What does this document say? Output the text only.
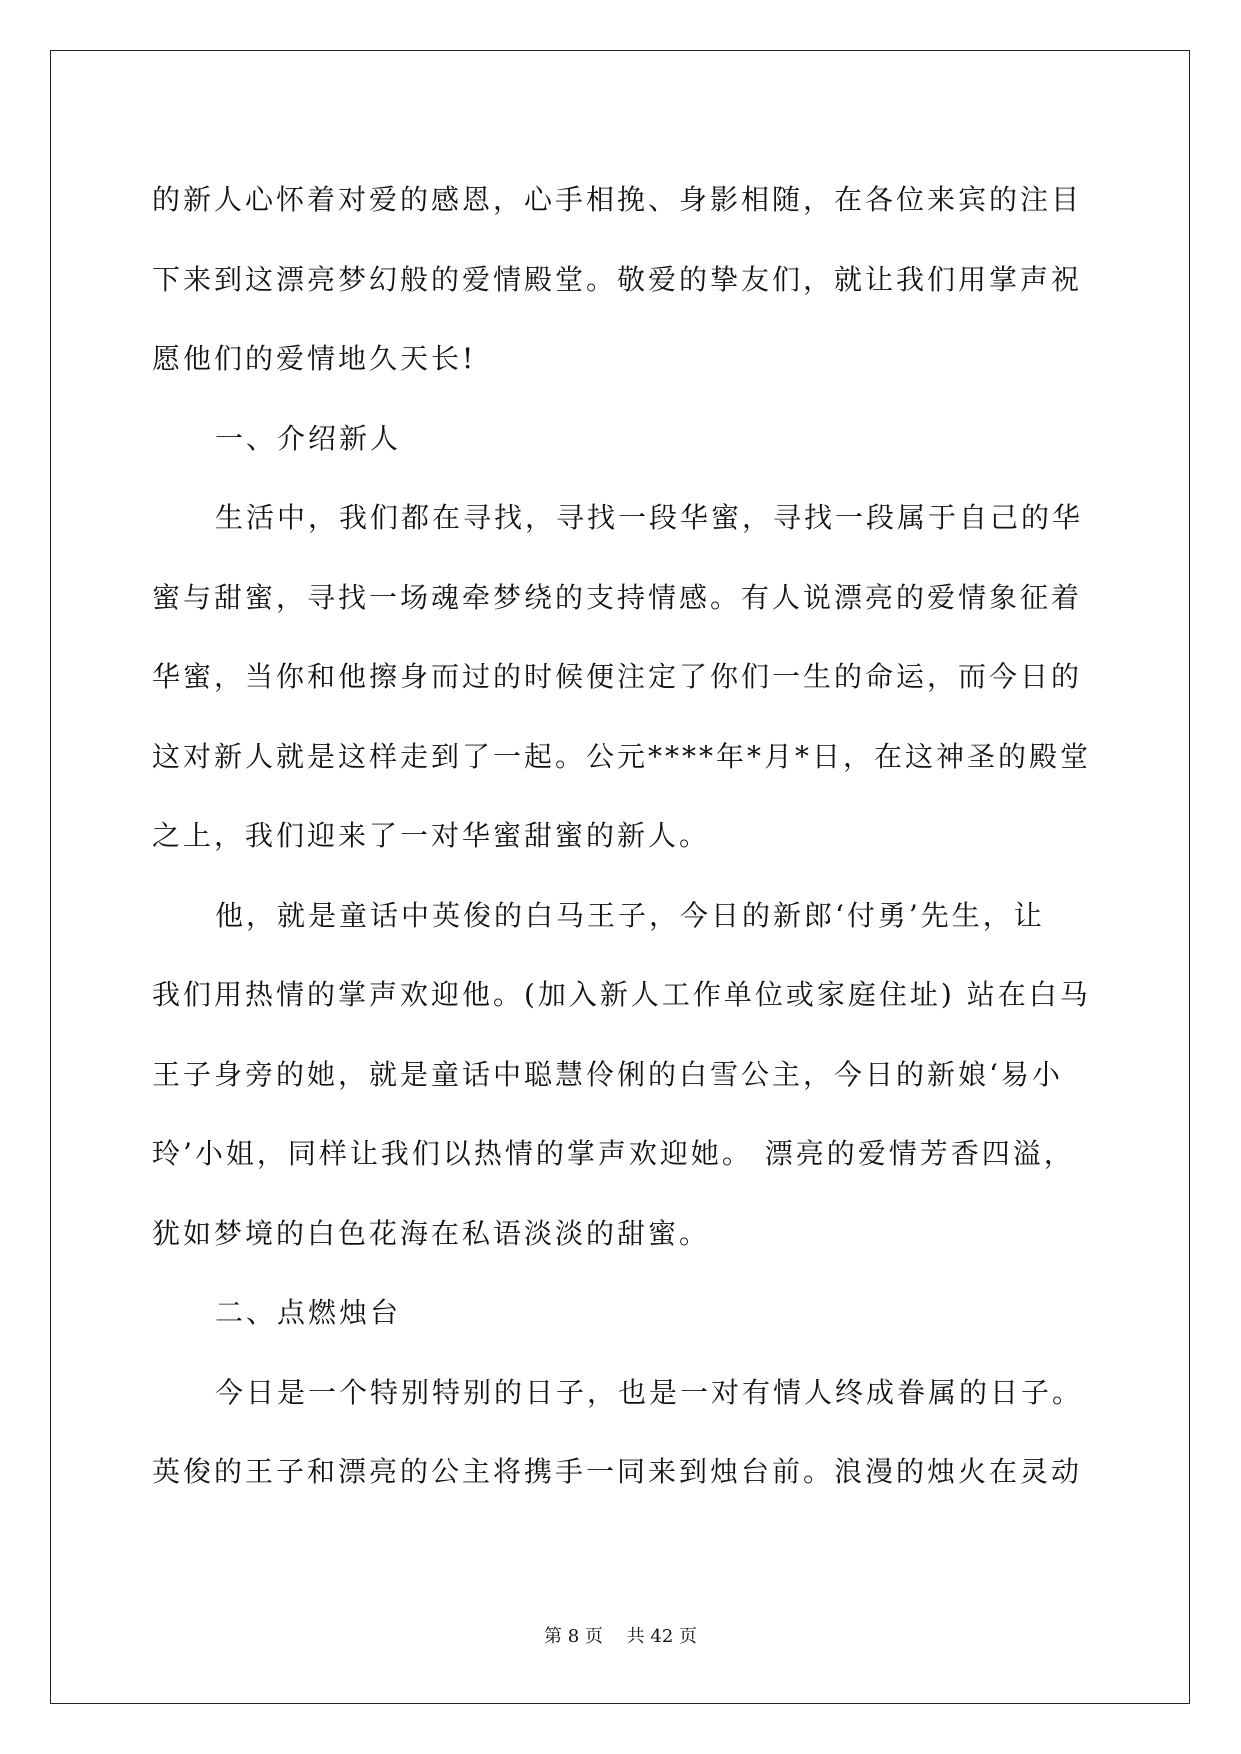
的新人心怀着对爱的感恩，心手相挽、身影相随，在各位来宾的注目
下来到这漂亮梦幻般的爱情殿堂。敬爱的挚友们，就让我们用掌声祝
愿他们的爱情地久天长!
一、介绍新人
生活中，我们都在寻找，寻找一段华蜜，寻找一段属于自己的华
蜜与甜蜜，寻找一场魂牵梦绕的支持情感。有人说漂亮的爱情象征着
华蜜，当你和他擦身而过的时候便注定了你们一生的命运，而今日的
这对新人就是这样走到了一起。公元****年*月*日，在这神圣的殿堂
之上，我们迎来了一对华蜜甜蜜的新人。
他，就是童话中英俊的白马王子，今日的新郎‘付勇’先生，让
我们用热情的掌声欢迎他。(加入新人工作单位或家庭住址) 站在白马
王子身旁的她，就是童话中聪慧伶俐的白雪公主，今日的新娘‘易小
玲’小姐，同样让我们以热情的掌声欢迎她。 漂亮的爱情芳香四溢，
犹如梦境的白色花海在私语淡淡的甜蜜。
二、点燃烛台
今日是一个特别特别的日子，也是一对有情人终成眷属的日子。
英俊的王子和漂亮的公主将携手一同来到烛台前。浪漫的烛火在灵动
第 8 页 共 42 页
